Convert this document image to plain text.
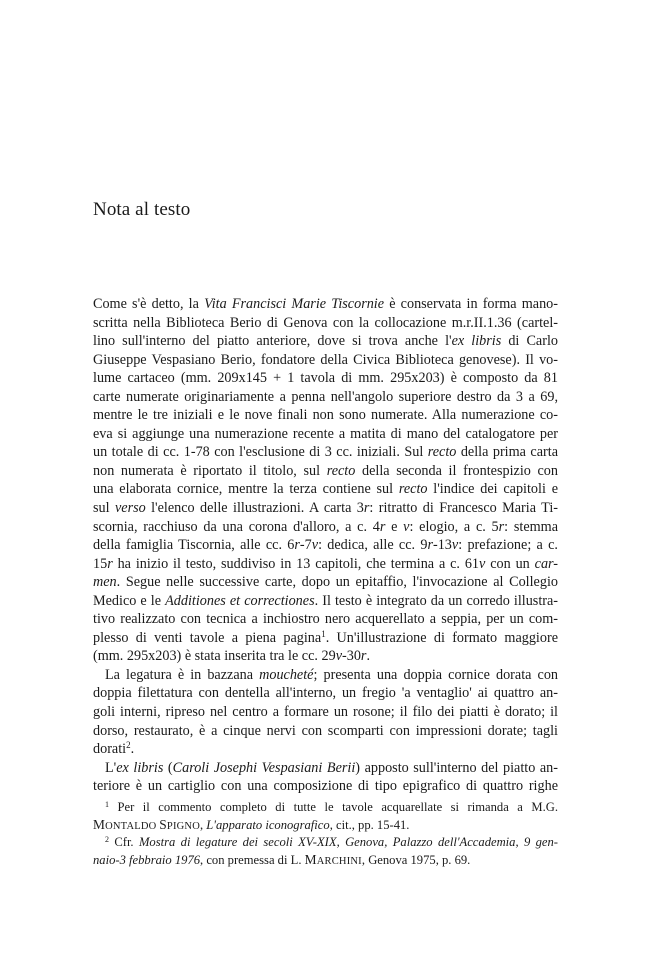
Nota al testo
Come s'è detto, la Vita Francisci Marie Tiscornie è conservata in forma mano-
scritta nella Biblioteca Berio di Genova con la collocazione m.r.II.1.36 (cartel-
lino sull'interno del piatto anteriore, dove si trova anche l'ex libris di Carlo
Giuseppe Vespasiano Berio, fondatore della Civica Biblioteca genovese). Il vo-
lume cartaceo (mm. 209x145 + 1 tavola di mm. 295x203) è composto da 81
carte numerate originariamente a penna nell'angolo superiore destro da 3 a 69,
mentre le tre iniziali e le nove finali non sono numerate. Alla numerazione co-
eva si aggiunge una numerazione recente a matita di mano del catalogatore per
un totale di cc. 1-78 con l'esclusione di 3 cc. iniziali. Sul recto della prima carta
non numerata è riportato il titolo, sul recto della seconda il frontespizio con
una elaborata cornice, mentre la terza contiene sul recto l'indice dei capitoli e
sul verso l'elenco delle illustrazioni. A carta 3r: ritratto di Francesco Maria Ti-
scornia, racchiuso da una corona d'alloro, a c. 4r e v: elogio, a c. 5r: stemma
della famiglia Tiscornia, alle cc. 6r-7v: dedica, alle cc. 9r-13v: prefazione; a c.
15r ha inizio il testo, suddiviso in 13 capitoli, che termina a c. 61v con un car-
men. Segue nelle successive carte, dopo un epitaffio, l'invocazione al Collegio
Medico e le Additiones et correctiones. Il testo è integrato da un corredo illustra-
tivo realizzato con tecnica a inchiostro nero acquerellato a seppia, per un com-
plesso di venti tavole a piena pagina$^1$. Un'illustrazione di formato maggiore
(mm. 295x203) è stata inserita tra le cc. 29v-30r.
La legatura è in bazzana moucheté; presenta una doppia cornice dorata con
doppia filettatura con dentella all'interno, un fregio 'a ventaglio' ai quattro an-
goli interni, ripreso nel centro a formare un rosone; il filo dei piatti è dorato; il
dorso, restaurato, è a cinque nervi con scomparti con impressioni dorate; tagli
dorati$^2$.
L'ex libris (Caroli Josephi Vespasiani Berii) apposto sull'interno del piatto an-
teriore è un cartiglio con una composizione di tipo epigrafico di quattro righe
$^1$ Per il commento completo di tutte le tavole acquarellate si rimanda a M.G.
MONTALDO SPIGNO, L'apparato iconografico, cit., pp. 15-41.
$^2$ Cfr. Mostra di legature dei secoli XV-XIX, Genova, Palazzo dell'Accademia, 9 gen-
naio-3 febbraio 1976, con premessa di L. MARCHINI, Genova 1975, p. 69.
